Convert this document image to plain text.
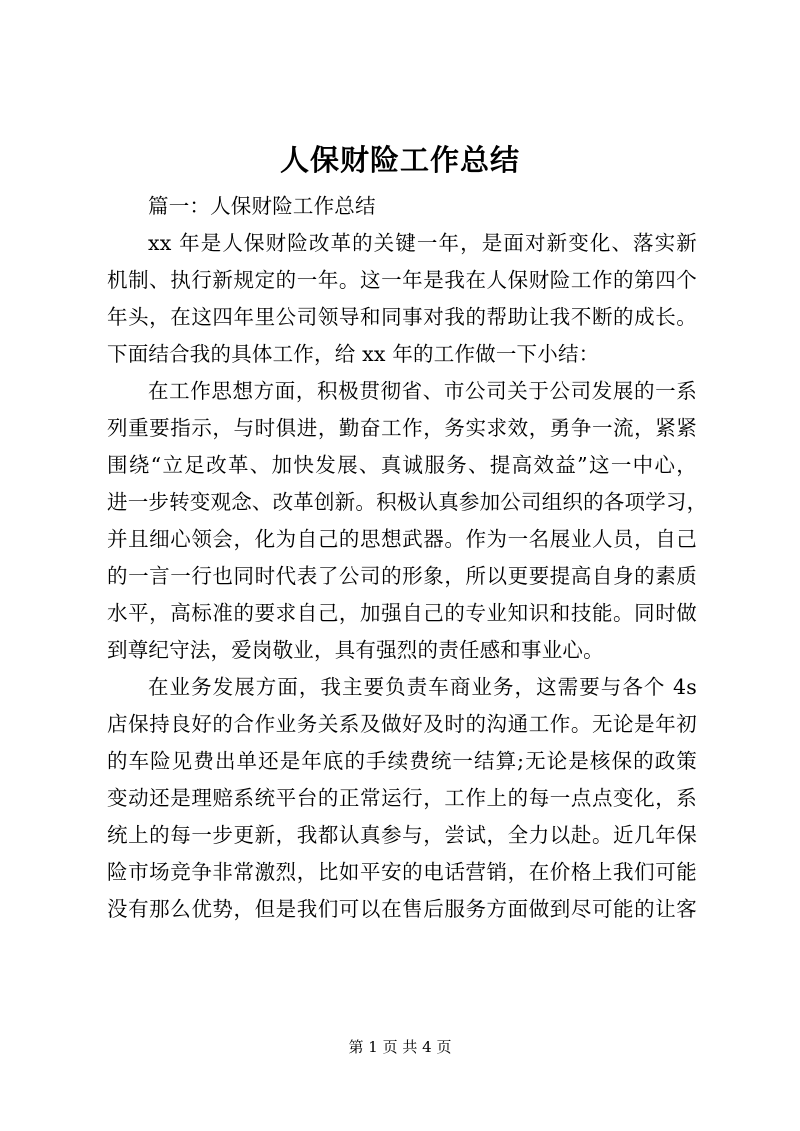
人保财险工作总结
篇一：人保财险工作总结
xx 年是人保财险改革的关键一年，是面对新变化、落实新
机制、执行新规定的一年。这一年是我在人保财险工作的第四个
年头，在这四年里公司领导和同事对我的帮助让我不断的成长。
下面结合我的具体工作，给 xx 年的工作做一下小结：
在工作思想方面，积极贯彻省、市公司关于公司发展的一系
列重要指示，与时俱进，勤奋工作，务实求效，勇争一流，紧紧
围绕“立足改革、加快发展、真诚服务、提高效益”这一中心，
进一步转变观念、改革创新。积极认真参加公司组织的各项学习，
并且细心领会，化为自己的思想武器。作为一名展业人员，自己
的一言一行也同时代表了公司的形象，所以更要提高自身的素质
水平，高标准的要求自己，加强自己的专业知识和技能。同时做
到尊纪守法，爱岗敬业，具有强烈的责任感和事业心。
在业务发展方面，我主要负责车商业务，这需要与各个 4s
店保持良好的合作业务关系及做好及时的沟通工作。无论是年初
的车险见费出单还是年底的手续费统一结算;无论是核保的政策
变动还是理赔系统平台的正常运行，工作上的每一点点变化，系
统上的每一步更新，我都认真参与，尝试，全力以赴。近几年保
险市场竞争非常激烈，比如平安的电话营销，在价格上我们可能
没有那么优势，但是我们可以在售后服务方面做到尽可能的让客
第 1 页 共 4 页
